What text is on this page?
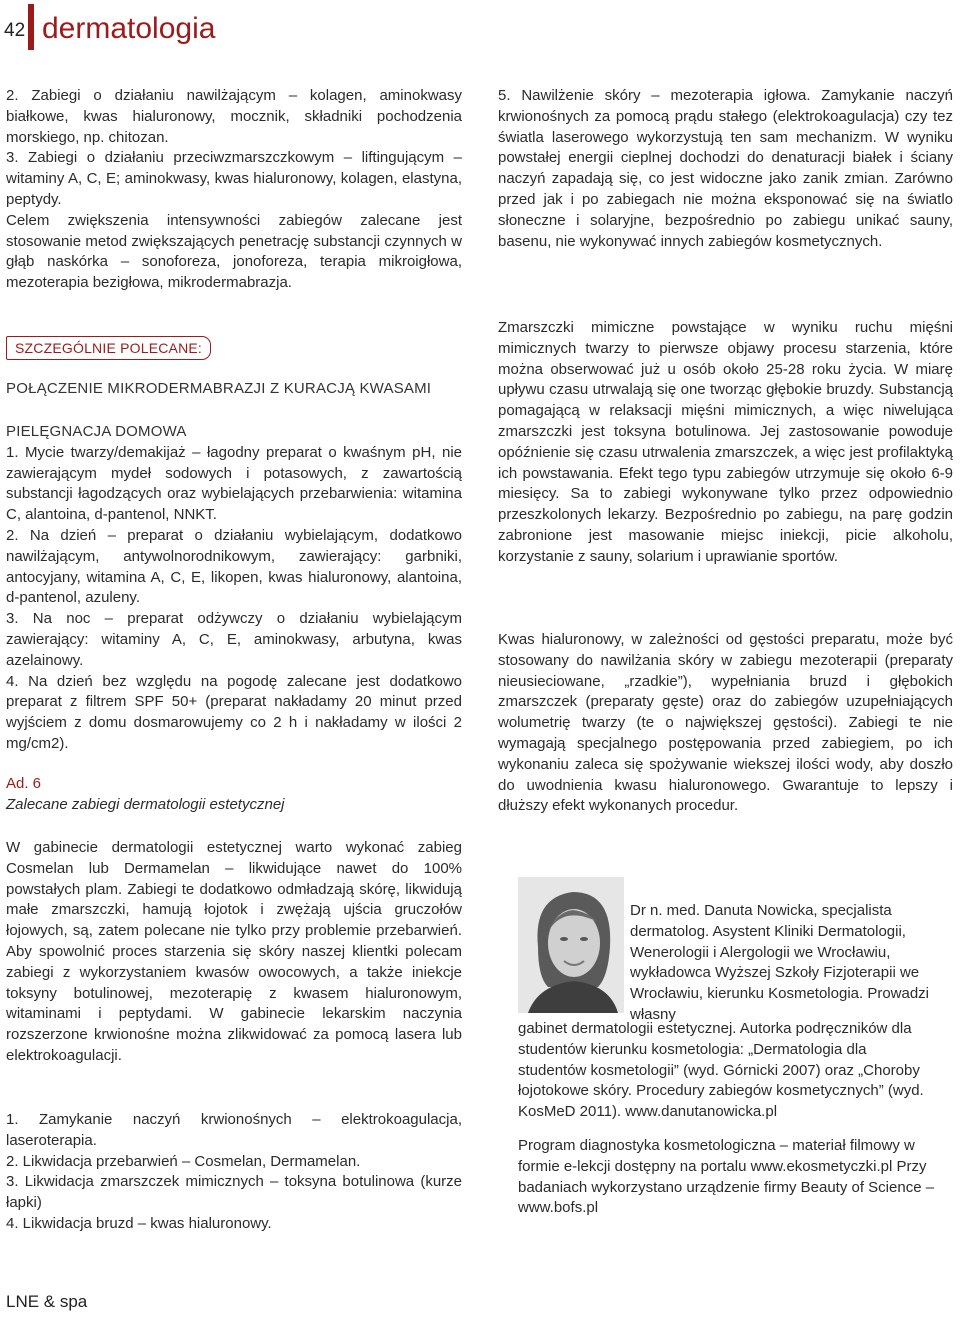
42 dermatologia

2. Zabiegi o działaniu nawilżającym – kolagen, aminokwasy białkowe, kwas hialuronowy, mocznik, składniki pochodzenia morskiego, np. chitozan.

3. Zabiegi o działaniu przeciwzmarszczkowym – liftingującym – witaminy A, C, E; aminokwasy, kwas hialuronowy, kolagen, elastyna, peptydy.

Celem zwiększenia intensywności zabiegów zalecane jest stosowanie metod zwiększających penetrację substancji czynnych w głąb naskórka – sonoforeza, jonoforeza, terapia mikroigłowa, mezoterapia bezigłowa, mikrodermabrazja.

SZCZEGÓLNIE POLECANE:
POŁĄCZENIE MIKRODERMABRAZJI Z KURACJĄ KWASAMI

PIELĘGNACJA DOMOWA

1. Mycie twarzy/demakijaż – łagodny preparat o kwaśnym pH, nie zawierającym mydeł sodowych i potasowych, z zawartością substancji łagodzących oraz wybielających przebarwienia: witamina C, alantoina, d-pantenol, NNKT.

2. Na dzień – preparat o działaniu wybielającym, dodatkowo nawilżającym, antywolnorodnikowym, zawierający: garbniki, antocyjany, witamina A, C, E, likopen, kwas hialuronowy, alantoina, d-pantenol, azuleny.

3. Na noc – preparat odżywczy o działaniu wybielającym zawierający: witaminy A, C, E, aminokwasy, arbutyna, kwas azelainowy.

4. Na dzień bez względu na pogodę zalecane jest dodatkowo preparat z filtrem SPF 50+ (preparat nakładamy 20 minut przed wyjściem z domu dosmarowujemy co 2 h i nakładamy w ilości 2 mg/cm2).

Ad. 6

Zalecane zabiegi dermatologii estetycznej

W gabinecie dermatologii estetycznej warto wykonać zabieg Cosmelan lub Dermamelan – likwidujące nawet do 100% powstałych plam. Zabiegi te dodatkowo odmładzają skórę, likwidują małe zmarszczki, hamują łojotok i zwężają ujścia gruczołów łojowych, są, zatem polecane nie tylko przy problemie przebarwień. Aby spowolnić proces starzenia się skóry naszej klientki polecam zabiegi z wykorzystaniem kwasów owocowych, a także iniekcje toksyny botulinowej, mezoterapię z kwasem hialuronowym, witaminami i peptydami. W gabinecie lekarskim naczynia rozszerzone krwionośne można zlikwidować za pomocą lasera lub elektrokoagulacji.

1. Zamykanie naczyń krwionośnych – elektrokoagulacja, laseroterapia.

2. Likwidacja przebarwień – Cosmelan, Dermamelan.

3. Likwidacja zmarszczek mimicznych – toksyna botulinowa (kurze łapki)

4. Likwidacja bruzd – kwas hialuronowy.

5. Nawilżenie skóry – mezoterapia igłowa. Zamykanie naczyń krwionośnych za pomocą prądu stałego (elektrokoagulacja) czy tez światla laserowego wykorzystują ten sam mechanizm. W wyniku powstałej energii cieplnej dochodzi do denaturacji białek i ściany naczyń zapadają się, co jest widoczne jako zanik zmian. Zarówno przed jak i po zabiegach nie można eksponować się na światlo słoneczne i solaryjne, bezpośrednio po zabiegu unikać sauny, basenu, nie wykonywać innych zabiegów kosmetycznych.

Zmarszczki mimiczne powstające w wyniku ruchu mięśni mimicznych twarzy to pierwsze objawy procesu starzenia, które można obserwować już u osób około 25-28 roku życia. W miarę upływu czasu utrwalają się one tworząc głębokie bruzdy. Substancją pomagającą w relaksacji mięśni mimicznych, a więc niwelująca zmarszczki jest toksyna botulinowa. Jej zastosowanie powoduje opóźnienie się czasu utrwalenia zmarszczek, a więc jest profilaktyką ich powstawania. Efekt tego typu zabiegów utrzymuje się około 6-9 miesięcy. Sa to zabiegi wykonywane tylko przez odpowiednio przeszkolonych lekarzy. Bezpośrednio po zabiegu, na parę godzin zabronione jest masowanie miejsc iniekcji, picie alkoholu, korzystanie z sauny, solarium i uprawianie sportów.

Kwas hialuronowy, w zależności od gęstości preparatu, może być stosowany do nawilżania skóry w zabiegu mezoterapii (preparaty nieusieciowane, „rzadkie”), wypełniania bruzd i głębokich zmarszczek (preparaty gęste) oraz do zabiegów uzupełniających wolumetrię twarzy (te o największej gęstości). Zabiegi te nie wymagają specjalnego postępowania przed zabiegiem, po ich wykonaniu zaleca się spożywanie wiekszej ilości wody, aby doszło do uwodnienia kwasu hialuronowego. Gwarantuje to lepszy i dłuższy efekt wykonanych procedur.

Dr n. med. Danuta Nowicka, specjalista dermatolog. Asystent Kliniki Dermatologii, Wenerologii i Alergologii we Wrocławiu, wykładowca Wyższej Szkoły Fizjoterapii we Wrocławiu, kierunku Kosmetologia. Prowadzi własny

gabinet dermatologii estetycznej. Autorka podręczników dla studentów kierunku kosmetologia: „Dermatologia dla studentów kosmetologii” (wyd. Górnicki 2007) oraz „Choroby łojotokowe skóry. Procedury zabiegów kosmetycznych” (wyd. KosMeD 2011). www.danutanowicka.pl

Program diagnostyka kosmetologiczna – materiał filmowy w formie e-lekcji dostępny na portalu www.ekosmetyczki.pl Przy badaniach wykorzystano urządzenie firmy Beauty of Science – www.bofs.pl

LNE & spa
